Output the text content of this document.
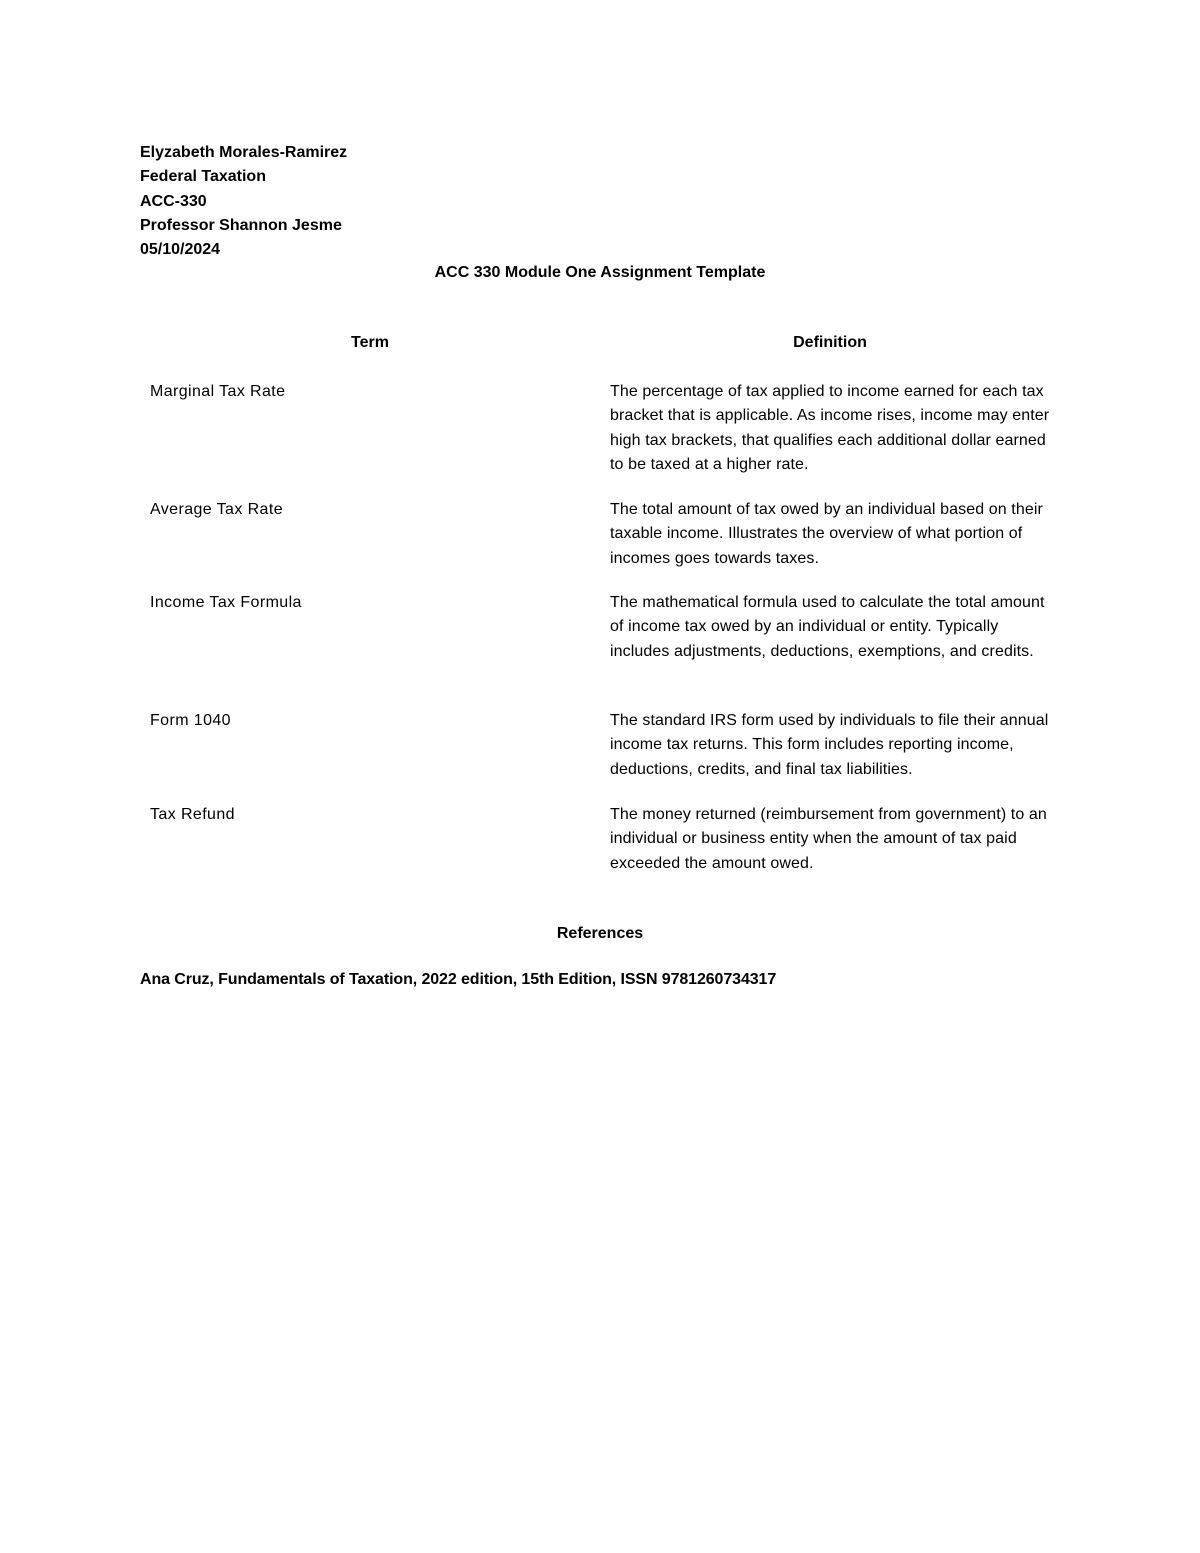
Elyzabeth Morales-Ramirez
Federal Taxation
ACC-330
Professor Shannon Jesme
05/10/2024
ACC 330 Module One Assignment Template
Term	Definition
Marginal Tax Rate	The percentage of tax applied to income earned for each tax bracket that is applicable. As income rises, income may enter high tax brackets, that qualifies each additional dollar earned to be taxed at a higher rate.
Average Tax Rate	The total amount of tax owed by an individual based on their taxable income. Illustrates the overview of what portion of incomes goes towards taxes.
Income Tax Formula	The mathematical formula used to calculate the total amount of income tax owed by an individual or entity. Typically includes adjustments, deductions, exemptions, and credits.
Form 1040	The standard IRS form used by individuals to file their annual income tax returns. This form includes reporting income, deductions, credits, and final tax liabilities.
Tax Refund	The money returned (reimbursement from government) to an individual or business entity when the amount of tax paid exceeded the amount owed.
References
Ana Cruz, Fundamentals of Taxation, 2022 edition, 15th Edition, ISSN 9781260734317
